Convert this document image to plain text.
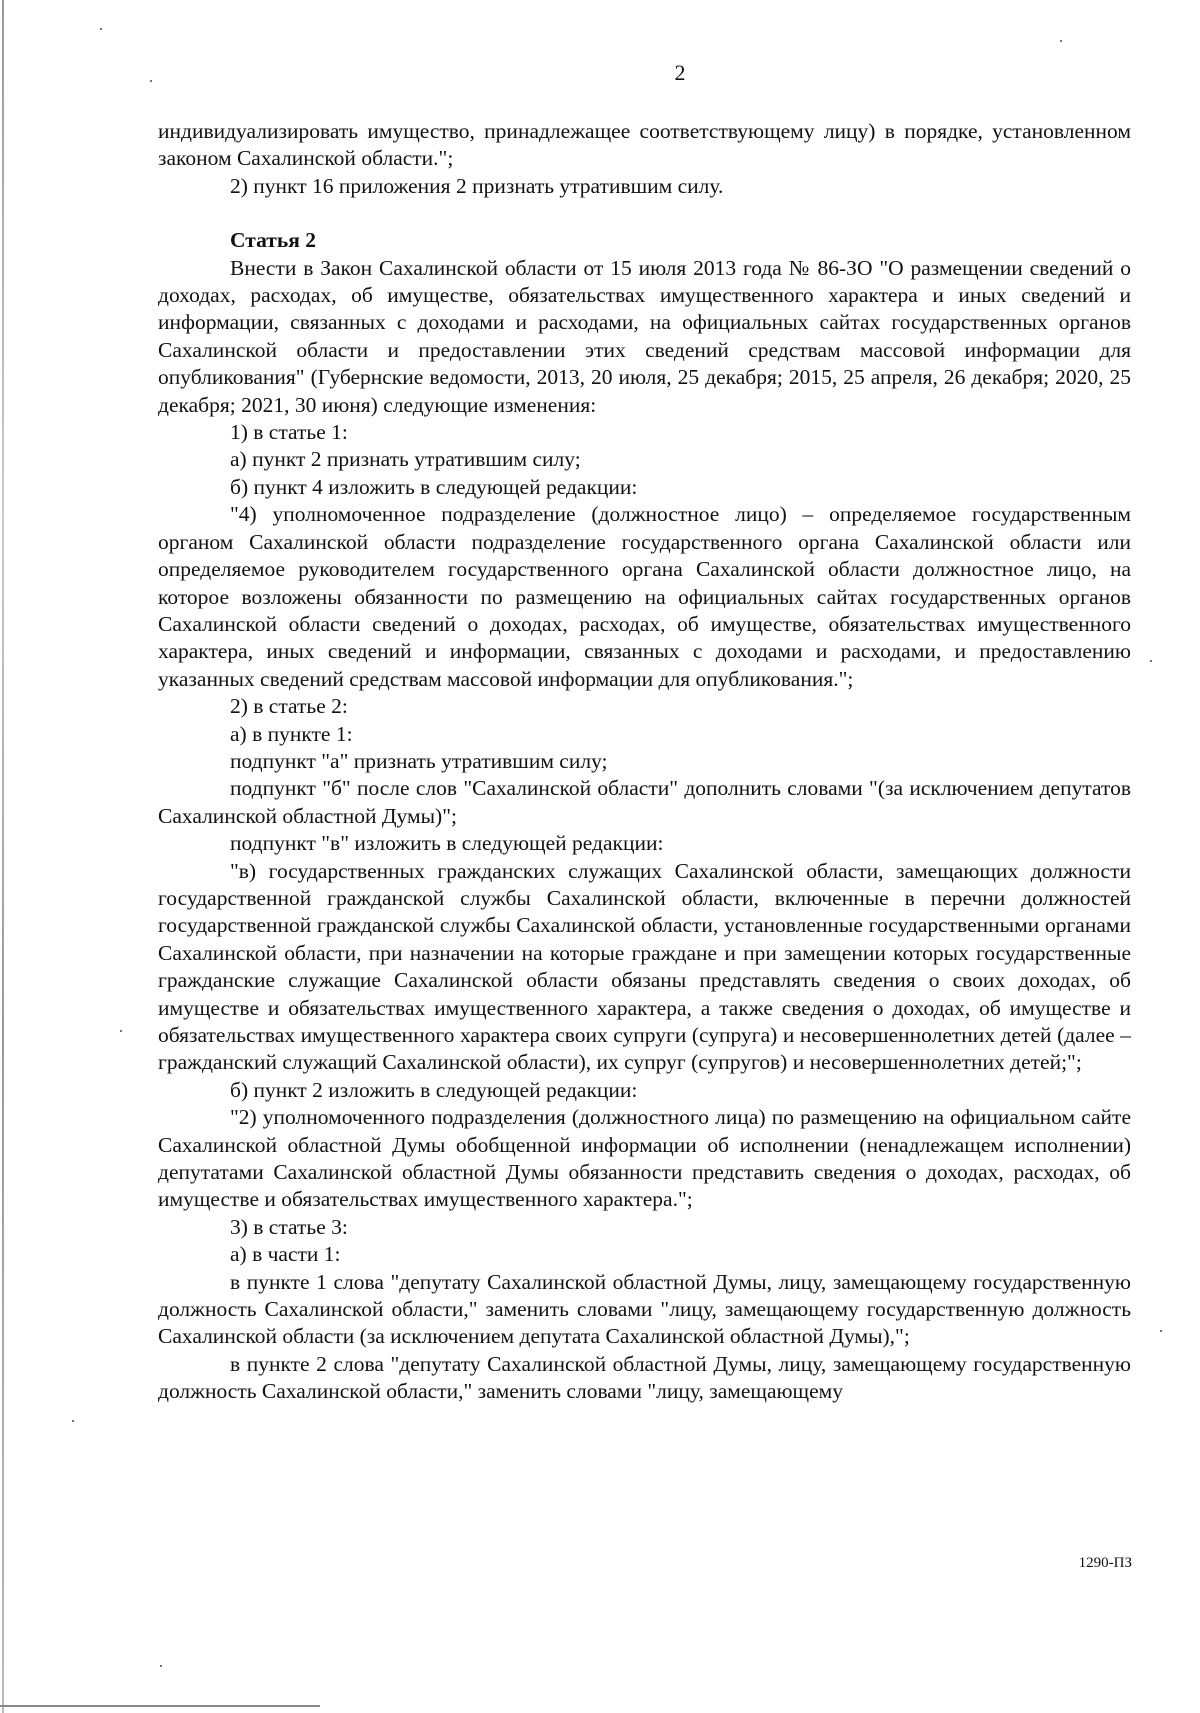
2

индивидуализировать имущество, принадлежащее соответствующему лицу) в порядке, установленном законом Сахалинской области.";

2) пункт 16 приложения 2 признать утратившим силу.

Статья 2

Внести в Закон Сахалинской области от 15 июля 2013 года № 86-ЗО "О размещении сведений о доходах, расходах, об имуществе, обязательствах имущественного характера и иных сведений и информации, связанных с доходами и расходами, на официальных сайтах государственных органов Сахалинской области и предоставлении этих сведений средствам массовой информации для опубликования" (Губернские ведомости, 2013, 20 июля, 25 декабря; 2015, 25 апреля, 26 декабря; 2020, 25 декабря; 2021, 30 июня) следующие изменения:

1) в статье 1:

а) пункт 2 признать утратившим силу;

б) пункт 4 изложить в следующей редакции:

"4) уполномоченное подразделение (должностное лицо) – определяемое государственным органом Сахалинской области подразделение государственного органа Сахалинской области или определяемое руководителем государственного органа Сахалинской области должностное лицо, на которое возложены обязанности по размещению на официальных сайтах государственных органов Сахалинской области сведений о доходах, расходах, об имуществе, обязательствах имущественного характера, иных сведений и информации, связанных с доходами и расходами, и предоставлению указанных сведений средствам массовой информации для опубликования.";

2) в статье 2:

а) в пункте 1:

подпункт "а" признать утратившим силу;

подпункт "б" после слов "Сахалинской области" дополнить словами "(за исключением депутатов Сахалинской областной Думы)";

подпункт "в" изложить в следующей редакции:

"в) государственных гражданских служащих Сахалинской области, замещающих должности государственной гражданской службы Сахалинской области, включенные в перечни должностей государственной гражданской службы Сахалинской области, установленные государственными органами Сахалинской области, при назначении на которые граждане и при замещении которых государственные гражданские служащие Сахалинской области обязаны представлять сведения о своих доходах, об имуществе и обязательствах имущественного характера, а также сведения о доходах, об имуществе и обязательствах имущественного характера своих супруги (супруга) и несовершеннолетних детей (далее – гражданский служащий Сахалинской области), их супруг (супругов) и несовершеннолетних детей;";

б) пункт 2 изложить в следующей редакции:

"2) уполномоченного подразделения (должностного лица) по размещению на официальном сайте Сахалинской областной Думы обобщенной информации об исполнении (ненадлежащем исполнении) депутатами Сахалинской областной Думы обязанности представить сведения о доходах, расходах, об имуществе и обязательствах имущественного характера.";

3) в статье 3:

а) в части 1:

в пункте 1 слова "депутату Сахалинской областной Думы, лицу, замещающему государственную должность Сахалинской области," заменить словами "лицу, замещающему государственную должность Сахалинской области (за исключением депутата Сахалинской областной Думы),";

в пункте 2 слова "депутату Сахалинской областной Думы, лицу, замещающему государственную должность Сахалинской области," заменить словами "лицу, замещающему

1290-ПЗ
